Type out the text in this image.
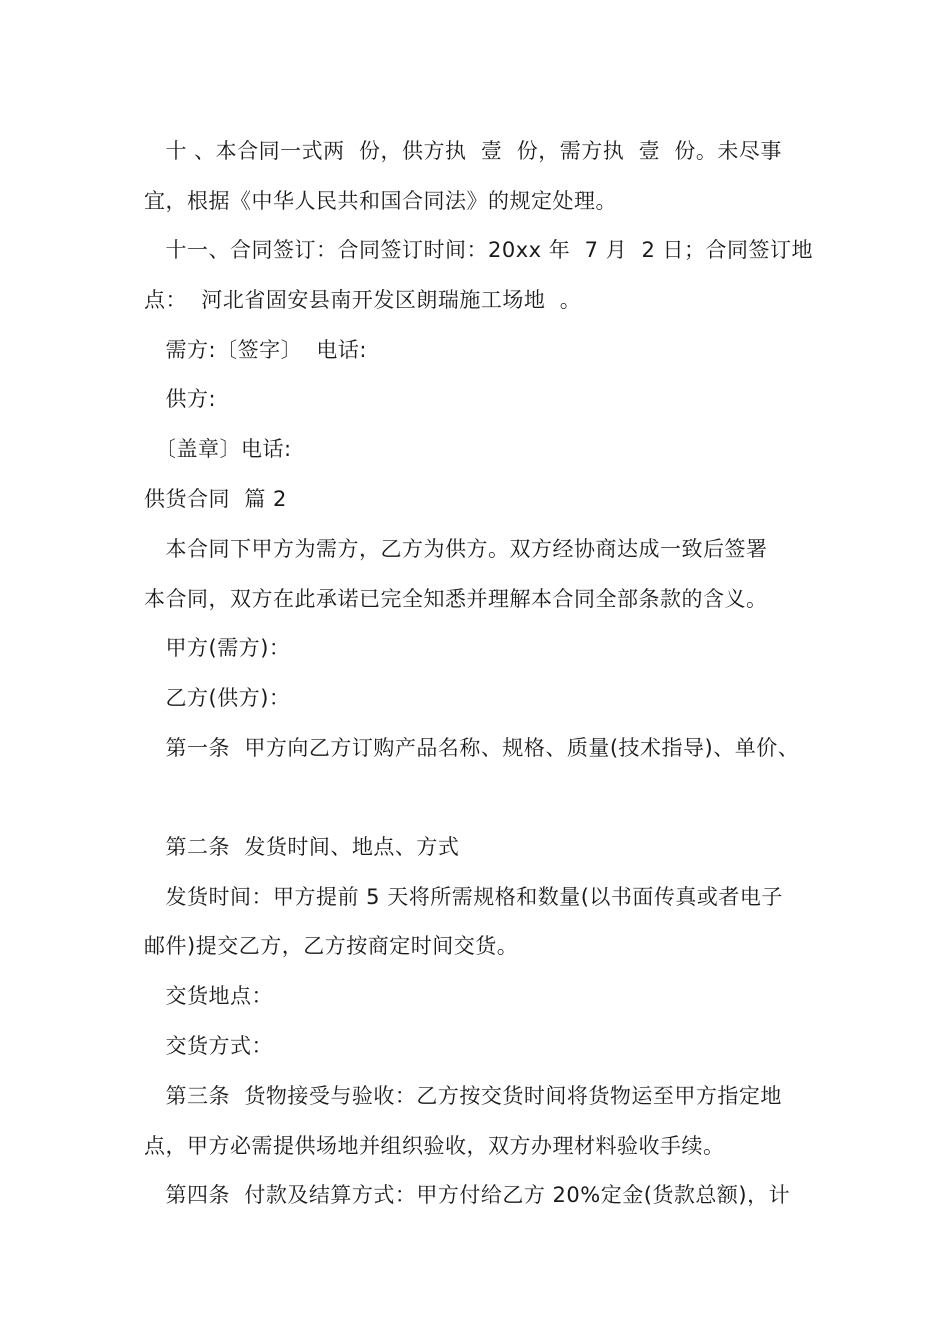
　十 、本合同一式两  份，供方执  壹  份，需方执  壹  份。未尽事
宜，根据《中华人民共和国合同法》的规定处理。
　十一、合同签订：合同签订时间：20xx 年  7 月  2 日；合同签订地
点：  河北省固安县南开发区朗瑞施工场地  。
　需方:〔签字〕  电话:
　供方:
　〔盖章〕电话:
供货合同  篇 2
　本合同下甲方为需方，乙方为供方。双方经协商达成一致后签署
本合同，双方在此承诺已完全知悉并理解本合同全部条款的含义。
　甲方(需方)：
　乙方(供方)：
　第一条  甲方向乙方订购产品名称、规格、质量(技术指导)、单价、
　第二条  发货时间、地点、方式
　发货时间：甲方提前 5 天将所需规格和数量(以书面传真或者电子
邮件)提交乙方，乙方按商定时间交货。
　交货地点：
　交货方式：
　第三条  货物接受与验收：乙方按交货时间将货物运至甲方指定地
点，甲方必需提供场地并组织验收，双方办理材料验收手续。
　第四条  付款及结算方式：甲方付给乙方 20%定金(货款总额)，计
